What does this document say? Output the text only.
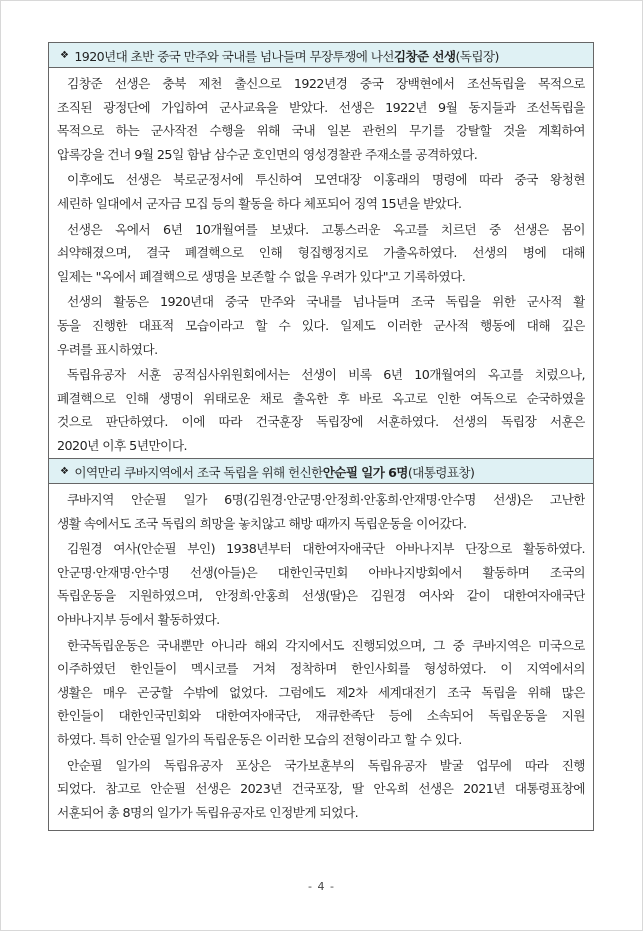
❖ 1920년대 초반 중국 만주와 국내를 넘나들며 무장투쟁에 나선 김창준 선생 (독립장)
김창준 선생은 충북 제천 출신으로 1922년경 중국 장백현에서 조선독립을 목적으로
조직된 광정단에 가입하여 군사교육을 받았다. 선생은 1922년 9월 동지들과 조선독립을
목적으로 하는 군사작전 수행을 위해 국내 일본 관헌의 무기를 강탈할 것을 계획하여
압록강을 건너 9월 25일 함남 삼수군 호인면의 영성경찰관 주재소를 공격하였다.
이후에도 선생은 북로군정서에 투신하여 모연대장 이홍래의 명령에 따라 중국 왕청현
세린하 일대에서 군자금 모집 등의 활동을 하다 체포되어 징역 15년을 받았다.
선생은 옥에서 6년 10개월여를 보냈다. 고통스러운 옥고를 치르던 중 선생은 몸이
쇠약해졌으며, 결국 폐결핵으로 인해 형집행정지로 가출옥하였다. 선생의 병에 대해
일제는 "옥에서 폐결핵으로 생명을 보존할 수 없을 우려가 있다"고 기록하였다.
선생의 활동은 1920년대 중국 만주와 국내를 넘나들며 조국 독립을 위한 군사적 활
동을 진행한 대표적 모습이라고 할 수 있다. 일제도 이러한 군사적 행동에 대해 깊은
우려를 표시하였다.
독립유공자 서훈 공적심사위원회에서는 선생이 비록 6년 10개월여의 옥고를 치렀으나,
폐결핵으로 인해 생명이 위태로운 채로 출옥한 후 바로 옥고로 인한 여독으로 순국하였을
것으로 판단하였다. 이에 따라 건국훈장 독립장에 서훈하였다. 선생의 독립장 서훈은
2020년 이후 5년만이다.
❖ 이역만리 쿠바지역에서 조국 독립을 위해 헌신한 안순필 일가 6명 (대통령표창)
쿠바지역 안순필 일가 6명(김원경·안군명·안정희·안홍희·안재명·안수명 선생)은 고난한
생활 속에서도 조국 독립의 희망을 놓치않고 해방 때까지 독립운동을 이어갔다.
김원경 여사(안순필 부인) 1938년부터 대한여자애국단 아바나지부 단장으로 활동하였다.
안군명·안재명·안수명 선생(아들)은 대한인국민회 아바나지방회에서 활동하며 조국의
독립운동을 지원하였으며, 안정희·안홍희 선생(딸)은 김원경 여사와 같이 대한여자애국단
아바나지부 등에서 활동하였다.
한국독립운동은 국내뿐만 아니라 해외 각지에서도 진행되었으며, 그 중 쿠바지역은 미국으로
이주하였던 한인들이 멕시코를 거쳐 정착하며 한인사회를 형성하였다. 이 지역에서의
생활은 매우 곤궁할 수밖에 없었다. 그럼에도 제2차 세계대전기 조국 독립을 위해 많은
한인들이 대한인국민회와 대한여자애국단, 재큐한족단 등에 소속되어 독립운동을 지원
하였다. 특히 안순필 일가의 독립운동은 이러한 모습의 전형이라고 할 수 있다.
안순필 일가의 독립유공자 포상은 국가보훈부의 독립유공자 발굴 업무에 따라 진행
되었다. 참고로 안순필 선생은 2023년 건국포장, 딸 안옥희 선생은 2021년 대통령표창에
서훈되어 총 8명의 일가가 독립유공자로 인정받게 되었다.
- 4 -
